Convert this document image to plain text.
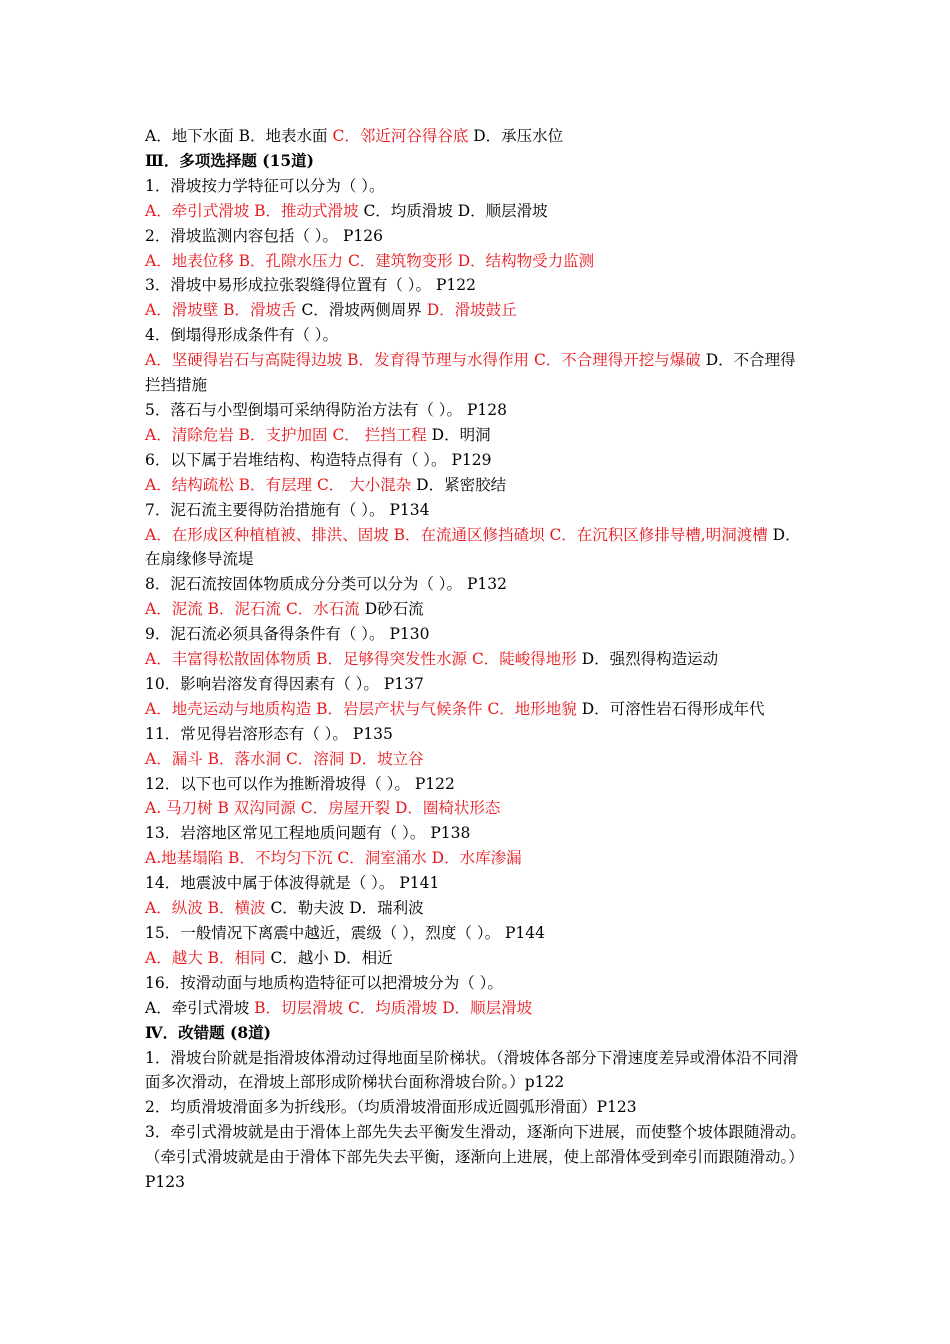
A．地下水面 B．地表水面 C．邻近河谷得谷底 D．承压水位
Ⅲ．多项选择题 (15道)
1．滑坡按力学特征可以分为（ ）。
A．牵引式滑坡 B．推动式滑坡 C．均质滑坡 D．顺层滑坡
2．滑坡监测内容包括（ ）。 P126
A．地表位移 B．孔隙水压力 C．建筑物变形 D．结构物受力监测
3．滑坡中易形成拉张裂缝得位置有（ ）。 P122
A．滑坡壁 B．滑坡舌 C．滑坡两侧周界 D．滑坡鼓丘
4．倒塌得形成条件有（ ）。
A．坚硬得岩石与高陡得边坡 B．发育得节理与水得作用 C．不合理得开挖与爆破 D．不合理得拦挡措施
5．落石与小型倒塌可采纳得防治方法有（ ）。 P128
A．清除危岩 B．支护加固 C． 拦挡工程 D．明洞
6．以下属于岩堆结构、构造特点得有（ ）。 P129
A．结构疏松 B．有层理 C． 大小混杂 D．紧密胶结
7．泥石流主要得防治措施有（ ）。 P134
A．在形成区种植植被、排洪、固坡 B．在流通区修挡碴坝 C．在沉积区修排导槽,明洞渡槽 D．在扇缘修导流堤
8．泥石流按固体物质成分分类可以分为（ ）。 P132
A．泥流 B．泥石流 C．水石流 D砂石流
9．泥石流必须具备得条件有（ ）。 P130
A．丰富得松散固体物质 B．足够得突发性水源 C．陡峻得地形 D．强烈得构造运动
10．影响岩溶发育得因素有（ ）。 P137
A．地壳运动与地质构造 B．岩层产状与气候条件 C．地形地貌 D．可溶性岩石得形成年代
11．常见得岩溶形态有（ ）。 P135
A．漏斗 B．落水洞 C．溶洞 D．坡立谷
12．以下也可以作为推断滑坡得（ ）。 P122
A. 马刀树 B 双沟同源 C．房屋开裂 D．圈椅状形态
13．岩溶地区常见工程地质问题有（ ）。 P138
A.地基塌陷 B．不均匀下沉 C．洞室涌水 D．水库渗漏
14．地震波中属于体波得就是（ ）。 P141
A．纵波 B．横波 C．勒夫波 D．瑞利波
15．一般情况下离震中越近，震级（ ），烈度（ ）。 P144
A．越大 B．相同 C．越小 D．相近
16．按滑动面与地质构造特征可以把滑坡分为（ ）。
A．牵引式滑坡 B．切层滑坡 C．均质滑坡 D．顺层滑坡
Ⅳ．改错题 (8道)
1．滑坡台阶就是指滑坡体滑动过得地面呈阶梯状。（滑坡体各部分下滑速度差异或滑体沿不同滑面多次滑动，在滑坡上部形成阶梯状台面称滑坡台阶。）p122
2．均质滑坡滑面多为折线形。（均质滑坡滑面形成近圆弧形滑面）P123
3．牵引式滑坡就是由于滑体上部先失去平衡发生滑动，逐渐向下进展，而使整个坡体跟随滑动。（牵引式滑坡就是由于滑体下部先失去平衡，逐渐向上进展，使上部滑体受到牵引而跟随滑动。）P123
